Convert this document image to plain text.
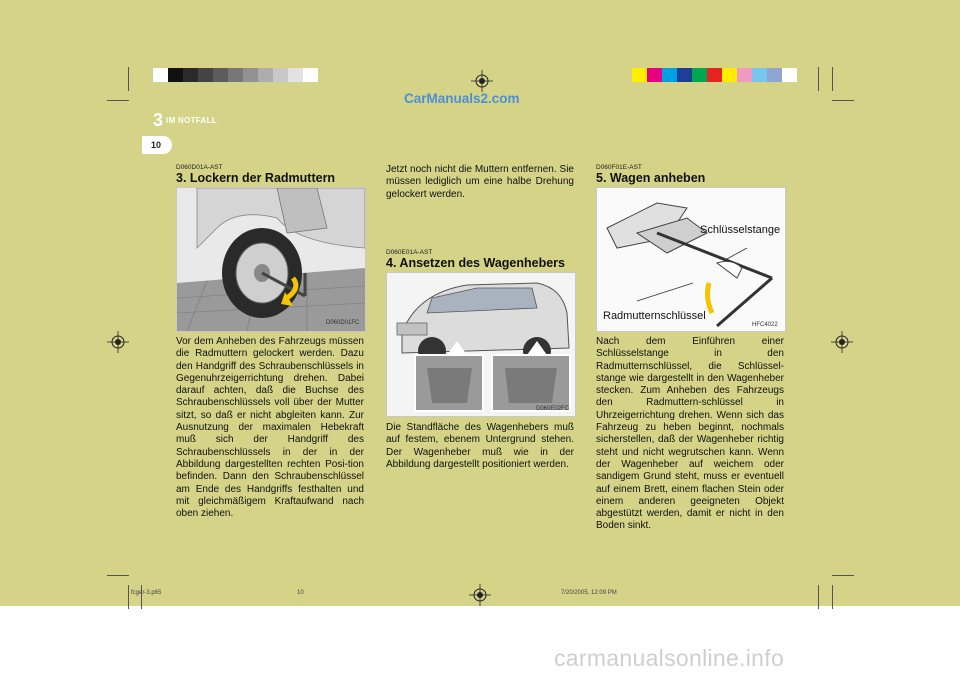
CarManuals2.com
3 IM NOTFALL
10
D060D01A-AST
3. Lockern der Radmuttern
D060D01FC
Vor dem Anheben des Fahrzeugs müssen die Radmuttern gelockert werden. Dazu den Handgriff des Schraubenschlüssels in Gegenuhrzeigerrichtung drehen. Dabei darauf achten, daß die Buchse des Schraubenschlüssels voll über der Mutter sitzt, so daß er nicht abgleiten kann. Zur Ausnutzung der maximalen Hebekraft muß sich der Handgriff des Schraubenschlüssels in der in der Abbildung dargestellten rechten Posi-tion befinden. Dann den Schraubenschlüssel am Ende des Handgriffs festhalten und mit gleichmäßigem Kraftaufwand nach oben ziehen.
Jetzt noch nicht die Muttern entfernen. Sie müssen lediglich um eine halbe Drehung gelockert werden.
D060E01A-AST
4. Ansetzen des Wagenhebers
D060E02FC
Die Standfläche des Wagenhebers muß auf festem, ebenem Untergrund stehen. Der Wagenheber muß wie in der Abbildung dargestellt positioniert werden.
D060F01E-AST
5. Wagen anheben
Schlüsselstange
Radmutternschlüssel
HFC4022
Nach dem Einführen einer Schlüsselstange in den Radmutternschlüssel, die Schlüssel-stange wie dargestellt in den Wagenheber stecken. Zum Anheben des Fahrzeugs den Radmuttern-schlüssel in Uhrzeigerrichtung drehen. Wenn sich das Fahrzeug zu heben beginnt, nochmals sicherstellen, daß der Wagenheber richtig steht und nicht wegrutschen kann. Wenn der Wagenheber auf weichem oder sandigem Grund steht, muss er eventuell auf einem Brett, einem flachen Stein oder einem anderen geeigneten Objekt abgestützt werden, damit er nicht in den Boden sinkt.
fcger-3.p65	10	7/20/2005, 12:09 PM
carmanualsonline.info
